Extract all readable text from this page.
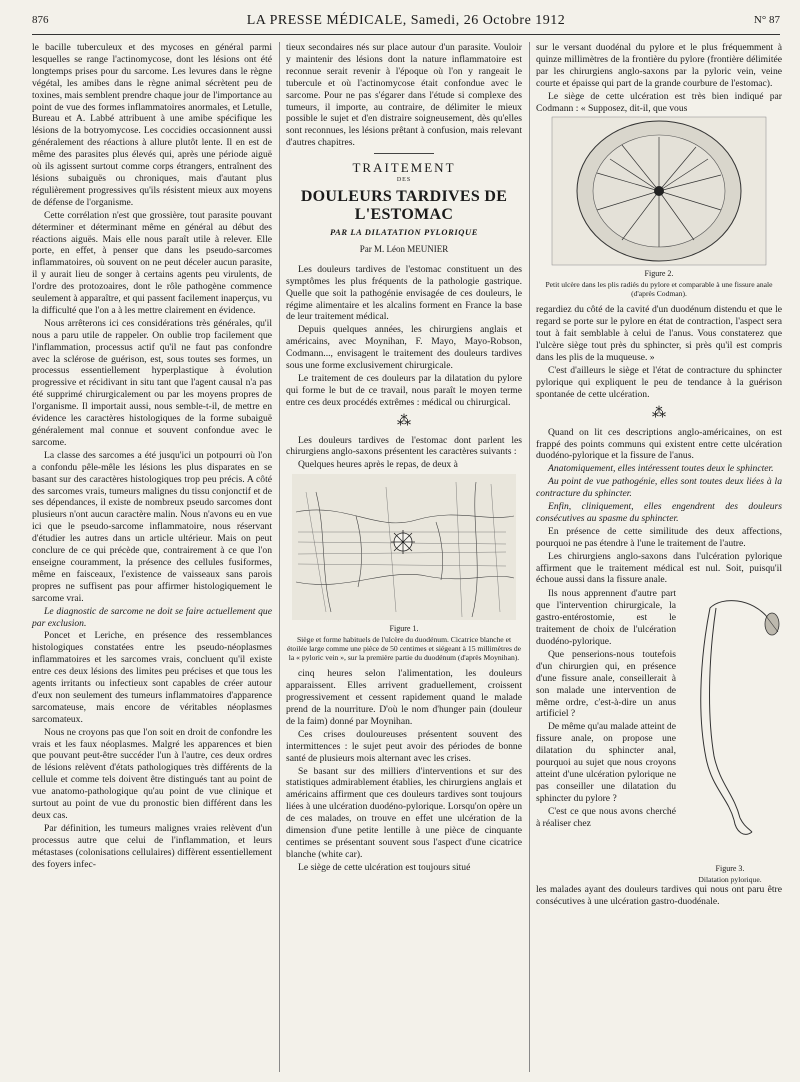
876	LA PRESSE MÉDICALE, Samedi, 26 Octobre 1912	N° 87

le bacille tuberculeux et des mycoses en général parmi lesquelles se range l'actinomycose, dont les lésions ont été longtemps prises pour du sarcome. Les levures dans le règne végétal, les amibes dans le règne animal sécrètent peu de toxines, mais semblent prendre chaque jour de l'importance au point de vue des formes inflammatoires anormales, et Letulle, Bureau et A. Labbé attribuent à une amibe spécifique les lésions de la botryomycose. Les coccidies occasionnent aussi généralement des réactions à allure plutôt lente. Il en est de même des parasites plus élevés qui, après une période aiguë où ils agissent surtout comme corps étrangers, entraînent des lésions subaiguës ou chroniques, mais d'autant plus régulièrement progressives qu'ils résistent mieux aux moyens de défense de l'organisme.

Cette corrélation n'est que grossière, tout parasite pouvant déterminer et déterminant même en général au début des réactions aiguës. Mais elle nous paraît utile à relever. Elle porte, en effet, à penser que dans les pseudo-sarcomes inflammatoires, où souvent on ne peut déceler aucun parasite, il y aurait lieu de songer à certains agents peu virulents, de l'ordre des protozoaires, dont le rôle pathogène commence seulement à apparaître, et qui passent facilement inaperçus, vu la difficulté que l'on a à les mettre clairement en évidence.

Nous arrêterons ici ces considérations très générales, qu'il nous a paru utile de rappeler. On oublie trop facilement que l'inflammation, processus actif qu'il ne faut pas confondre avec la sclérose de guérison, est, sous toutes ses formes, un processus essentiellement hyperplastique à évolution progressive et récidivant in situ tant que l'agent causal n'a pas été supprimé chirurgicalement ou par les moyens propres de l'organisme. Il importait aussi, nous semble-t-il, de mettre en évidence les caractères histologiques de la forme subaiguë généralement mal connue et souvent confondue avec le sarcome.

La classe des sarcomes a été jusqu'ici un potpourri où l'on a confondu pêle-mêle les lésions les plus disparates en se basant sur des caractères histologiques trop peu précis. A côté des sarcomes vrais, tumeurs malignes du tissu conjonctif et de ses dépendances, il existe de nombreux pseudo sarcomes dont plusieurs n'ont aucun caractère malin. Nous n'avons eu en vue ici que le pseudo-sarcome inflammatoire, nous réservant d'étudier les autres dans un article ultérieur. Mais on peut conclure de ce qui précède que, contrairement à ce que l'on enseigne couramment, la présence des cellules fusiformes, même en faisceaux, l'existence de vaisseaux sans parois propres ne suffisent pas pour affirmer histologiquement le sarcome vrai.

Le diagnostic de sarcome ne doit se faire actuellement que par exclusion.

Poncet et Leriche, en présence des ressemblances histologiques constatées entre les pseudo-néoplasmes inflammatoires et les sarcomes vrais, concluent qu'il existe entre ces deux lésions des limites peu précises et que tous les agents irritants ou infectieux sont capables de créer autour d'eux non seulement des tumeurs inflammatoires d'apparence sarcomateuse, mais encore de véritables néoplasmes sarcomateux.

Nous ne croyons pas que l'on soit en droit de confondre les vrais et les faux néoplasmes. Malgré les apparences et bien que pouvant peut-être succéder l'un à l'autre, ces deux ordres de lésions relèvent d'états pathologiques très différents de la cellule et comme tels doivent être distingués tant au point de vue anatomo-pathologique qu'au point de vue clinique et surtout au point de vue du pronostic bien différent dans les deux cas.

Par définition, les tumeurs malignes vraies relèvent d'un processus autre que celui de l'inflammation, et leurs métastases (colonisations cellulaires) diffèrent essentiellement des foyers infec-

tieux secondaires nés sur place autour d'un parasite. Vouloir y maintenir des lésions dont la nature inflammatoire est reconnue serait revenir à l'époque où l'on y rangeait le tubercule et où l'actinomycose était confondue avec le sarcome. Pour ne pas s'égarer dans l'étude si complexe des tumeurs, il importe, au contraire, de délimiter le mieux possible le sujet et d'en distraire soigneusement, dès qu'elles sont reconnues, les lésions prêtant à confusion, mais relevant d'autres chapitres.

TRAITEMENT
DES
DOULEURS TARDIVES DE L'ESTOMAC
PAR LA DILATATION PYLORIQUE
Par M. Léon MEUNIER

Les douleurs tardives de l'estomac constituent un des symptômes les plus fréquents de la pathologie gastrique. Quelle que soit la pathogénie envisagée de ces douleurs, le régime alimentaire et les alcalins forment en France la base de leur traitement médical.

Depuis quelques années, les chirurgiens anglais et américains, avec Moynihan, F. Mayo, Mayo-Robson, Codmann..., envisagent le traitement des douleurs tardives sous une forme exclusivement chirurgicale.

Le traitement de ces douleurs par la dilatation du pylore qui forme le but de ce travail, nous paraît le moyen terme entre ces deux procédés extrêmes : médical ou chirurgical.

⁂

Les douleurs tardives de l'estomac dont parlent les chirurgiens anglo-saxons présentent les caractères suivants :

Quelques heures après le repas, de deux à

Figure 1.
Siège et forme habituels de l'ulcère du duodénum. Cicatrice blanche et étoilée large comme une pièce de 50 centimes et siégeant à 15 millimètres de la « pyloric vein », sur la première partie du duodénum (d'après Moynihan).

cinq heures selon l'alimentation, les douleurs apparaissent. Elles arrivent graduellement, croissent progressivement et cessent rapidement quand le malade prend de la nourriture. D'où le nom d'hunger pain (douleur de la faim) donné par Moynihan.

Ces crises douloureuses présentent souvent des intermittences : le sujet peut avoir des périodes de bonne santé de plusieurs mois alternant avec les crises.

Se basant sur des milliers d'interventions et sur des statistiques admirablement établies, les chirurgiens anglais et américains affirment que ces douleurs tardives sont toujours liées à une ulcération duodéno-pylorique. Lorsqu'on opère un de ces malades, on trouve en effet une ulcération de la dimension d'une petite lentille à une pièce de cinquante centimes se présentant souvent sous l'aspect d'une cicatrice blanche (white car).

Le siège de cette ulcération est toujours situé

sur le versant duodénal du pylore et le plus fréquemment à quinze millimètres de la frontière du pylore (frontière délimitée par les chirurgiens anglo-saxons par la pyloric vein, veine courte et épaisse qui part de la grande courbure de l'estomac).

Le siège de cette ulcération est très bien indiqué par Codmann : « Supposez, dit-il, que vous

Figure 2.
Petit ulcère dans les plis radiés du pylore et comparable à une fissure anale (d'après Codman).

regardiez du côté de la cavité d'un duodénum distendu et que le regard se porte sur le pylore en état de contraction, l'aspect sera tout à fait semblable à celui de l'anus. Vous constaterez que l'ulcère siège tout près du sphincter, si près qu'il est compris dans les plis de la muqueuse. »

C'est d'ailleurs le siège et l'état de contracture du sphincter pylorique qui expliquent le peu de tendance à la guérison spontanée de cette ulcération.

⁂

Quand on lit ces descriptions anglo-américaines, on est frappé des points communs qui existent entre cette ulcération duodéno-pylorique et la fissure de l'anus.

Anatomiquement, elles intéressent toutes deux le sphincter.

Au point de vue pathogénie, elles sont toutes deux liées à la contracture du sphincter.

Enfin, cliniquement, elles engendrent des douleurs consécutives au spasme du sphincter.

En présence de cette similitude des deux affections, pourquoi ne pas étendre à l'une le traitement de l'autre.

Les chirurgiens anglo-saxons dans l'ulcération pylorique affirment que le traitement médical est nul. Soit, puisqu'il échoue aussi dans la fissure anale.

Ils nous apprennent d'autre part que l'intervention chirurgicale, la gastro-entérostomie, est le traitement de choix de l'ulcération duodéno-pylorique.

Que penserions-nous toutefois d'un chirurgien qui, en présence d'une fissure anale, conseillerait à son malade une intervention de même ordre, c'est-à-dire un anus artificiel ?

De même qu'au malade atteint de fissure anale, on propose une dilatation du sphincter anal, pourquoi au sujet que nous croyons atteint d'une ulcération pylorique ne pas conseiller une dilatation du sphincter du pylore ?

C'est ce que nous avons cherché à réaliser chez

Figure 3.
Dilatation pylorique.
les malades ayant des douleurs tardives qui nous ont paru être consécutives à une ulcération gastro-duodénale.
